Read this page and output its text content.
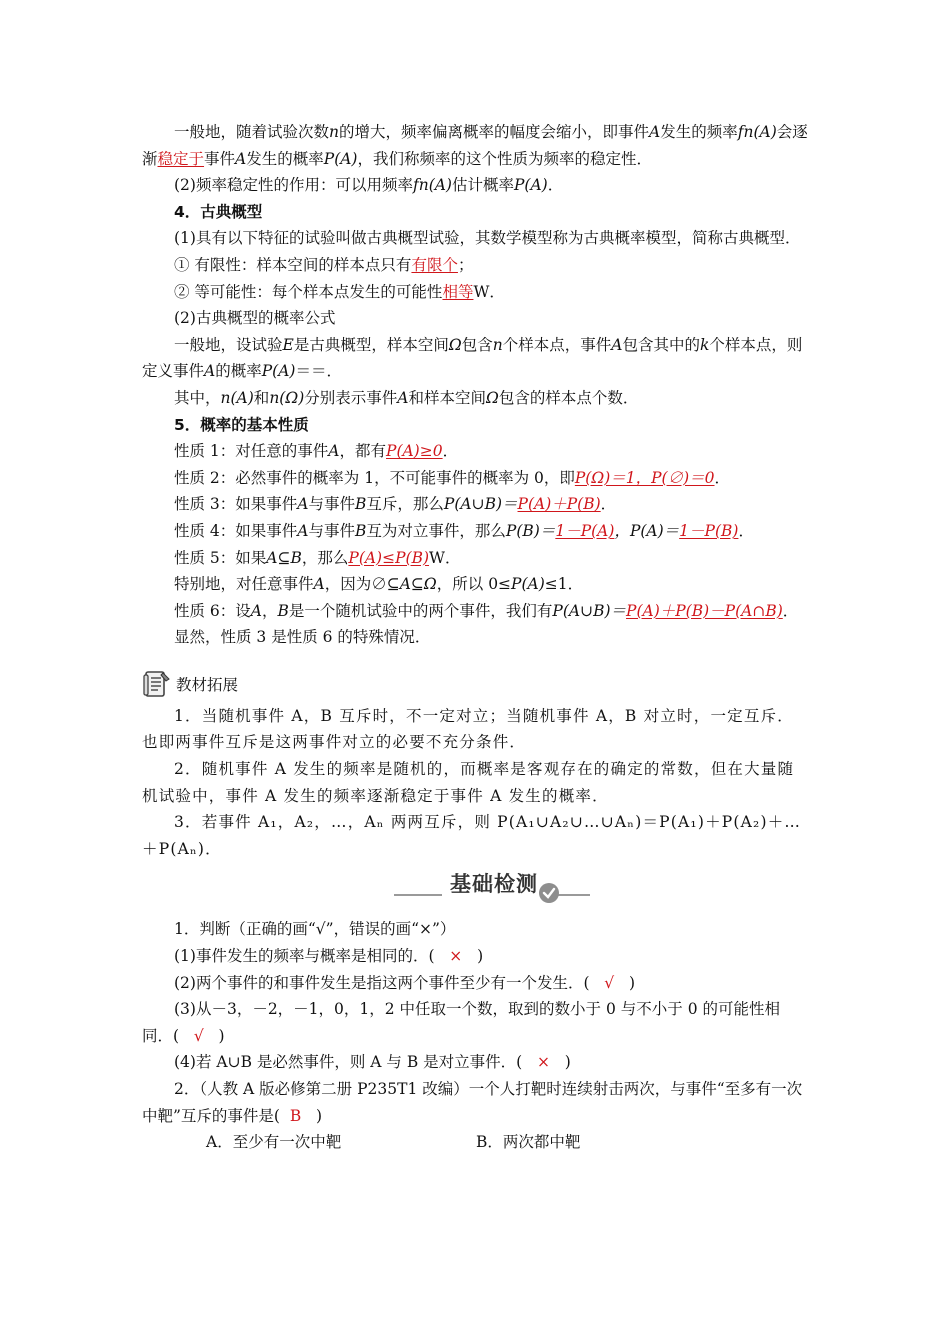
一般地，随着试验次数n的增大，频率偏离概率的幅度会缩小，即事件A发生的频率fn(A)会逐渐稳定于事件A发生的概率P(A)，我们称频率的这个性质为频率的稳定性．

(2)频率稳定性的作用：可以用频率fn(A)估计概率P(A)．

4．古典概型

(1)具有以下特征的试验叫做古典概型试验，其数学模型称为古典概率模型，简称古典概型．

① 有限性：样本空间的样本点只有有限个；

② 等可能性：每个样本点发生的可能性相等W．

(2)古典概型的概率公式

一般地，设试验E是古典概型，样本空间Ω包含n个样本点，事件A包含其中的k个样本点，则定义事件A的概率P(A)＝＝．

其中，n(A)和n(Ω)分别表示事件A和样本空间Ω包含的样本点个数．

5．概率的基本性质

性质 1：对任意的事件A，都有P(A)≥0．

性质 2：必然事件的概率为 1，不可能事件的概率为 0，即P(Ω)＝1，P(∅)＝0．

性质 3：如果事件A与事件B互斥，那么P(A∪B)＝P(A)＋P(B)．

性质 4：如果事件A与事件B互为对立事件，那么P(B)＝1－P(A)，P(A)＝1－P(B)．

性质 5：如果A⊆B，那么P(A)≤P(B)W．

特别地，对任意事件A，因为∅⊆A⊆Ω，所以 0≤P(A)≤1．

性质 6：设A，B是一个随机试验中的两个事件，我们有P(A∪B)＝P(A)＋P(B)－P(A∩B)．

显然，性质 3 是性质 6 的特殊情况．

教材拓展

1．当随机事件 A，B 互斥时，不一定对立；当随机事件 A，B 对立时，一定互斥．也即两事件互斥是这两事件对立的必要不充分条件．

2．随机事件 A 发生的频率是随机的，而概率是客观存在的确定的常数，但在大量随机试验中，事件 A 发生的频率逐渐稳定于事件 A 发生的概率．

3．若事件 A₁，A₂，…，Aₙ 两两互斥，则 P(A₁∪A₂∪…∪Aₙ)＝P(A₁)＋P(A₂)＋…＋P(Aₙ)．

基础检测

1．判断（正确的画“√”，错误的画“×”）

(1)事件发生的频率与概率是相同的．( × )

(2)两个事件的和事件发生是指这两个事件至少有一个发生．( √ )

(3)从－3，－2，－1，0，1，2 中任取一个数，取到的数小于 0 与不小于 0 的可能性相同．( √ )

(4)若 A∪B 是必然事件，则 A 与 B 是对立事件．( × )

2．（人教 A 版必修第二册 P235T1 改编）一个人打靶时连续射击两次，与事件“至多有一次中靶”互斥的事件是( B )

A．至少有一次中靶	B．两次都中靶
